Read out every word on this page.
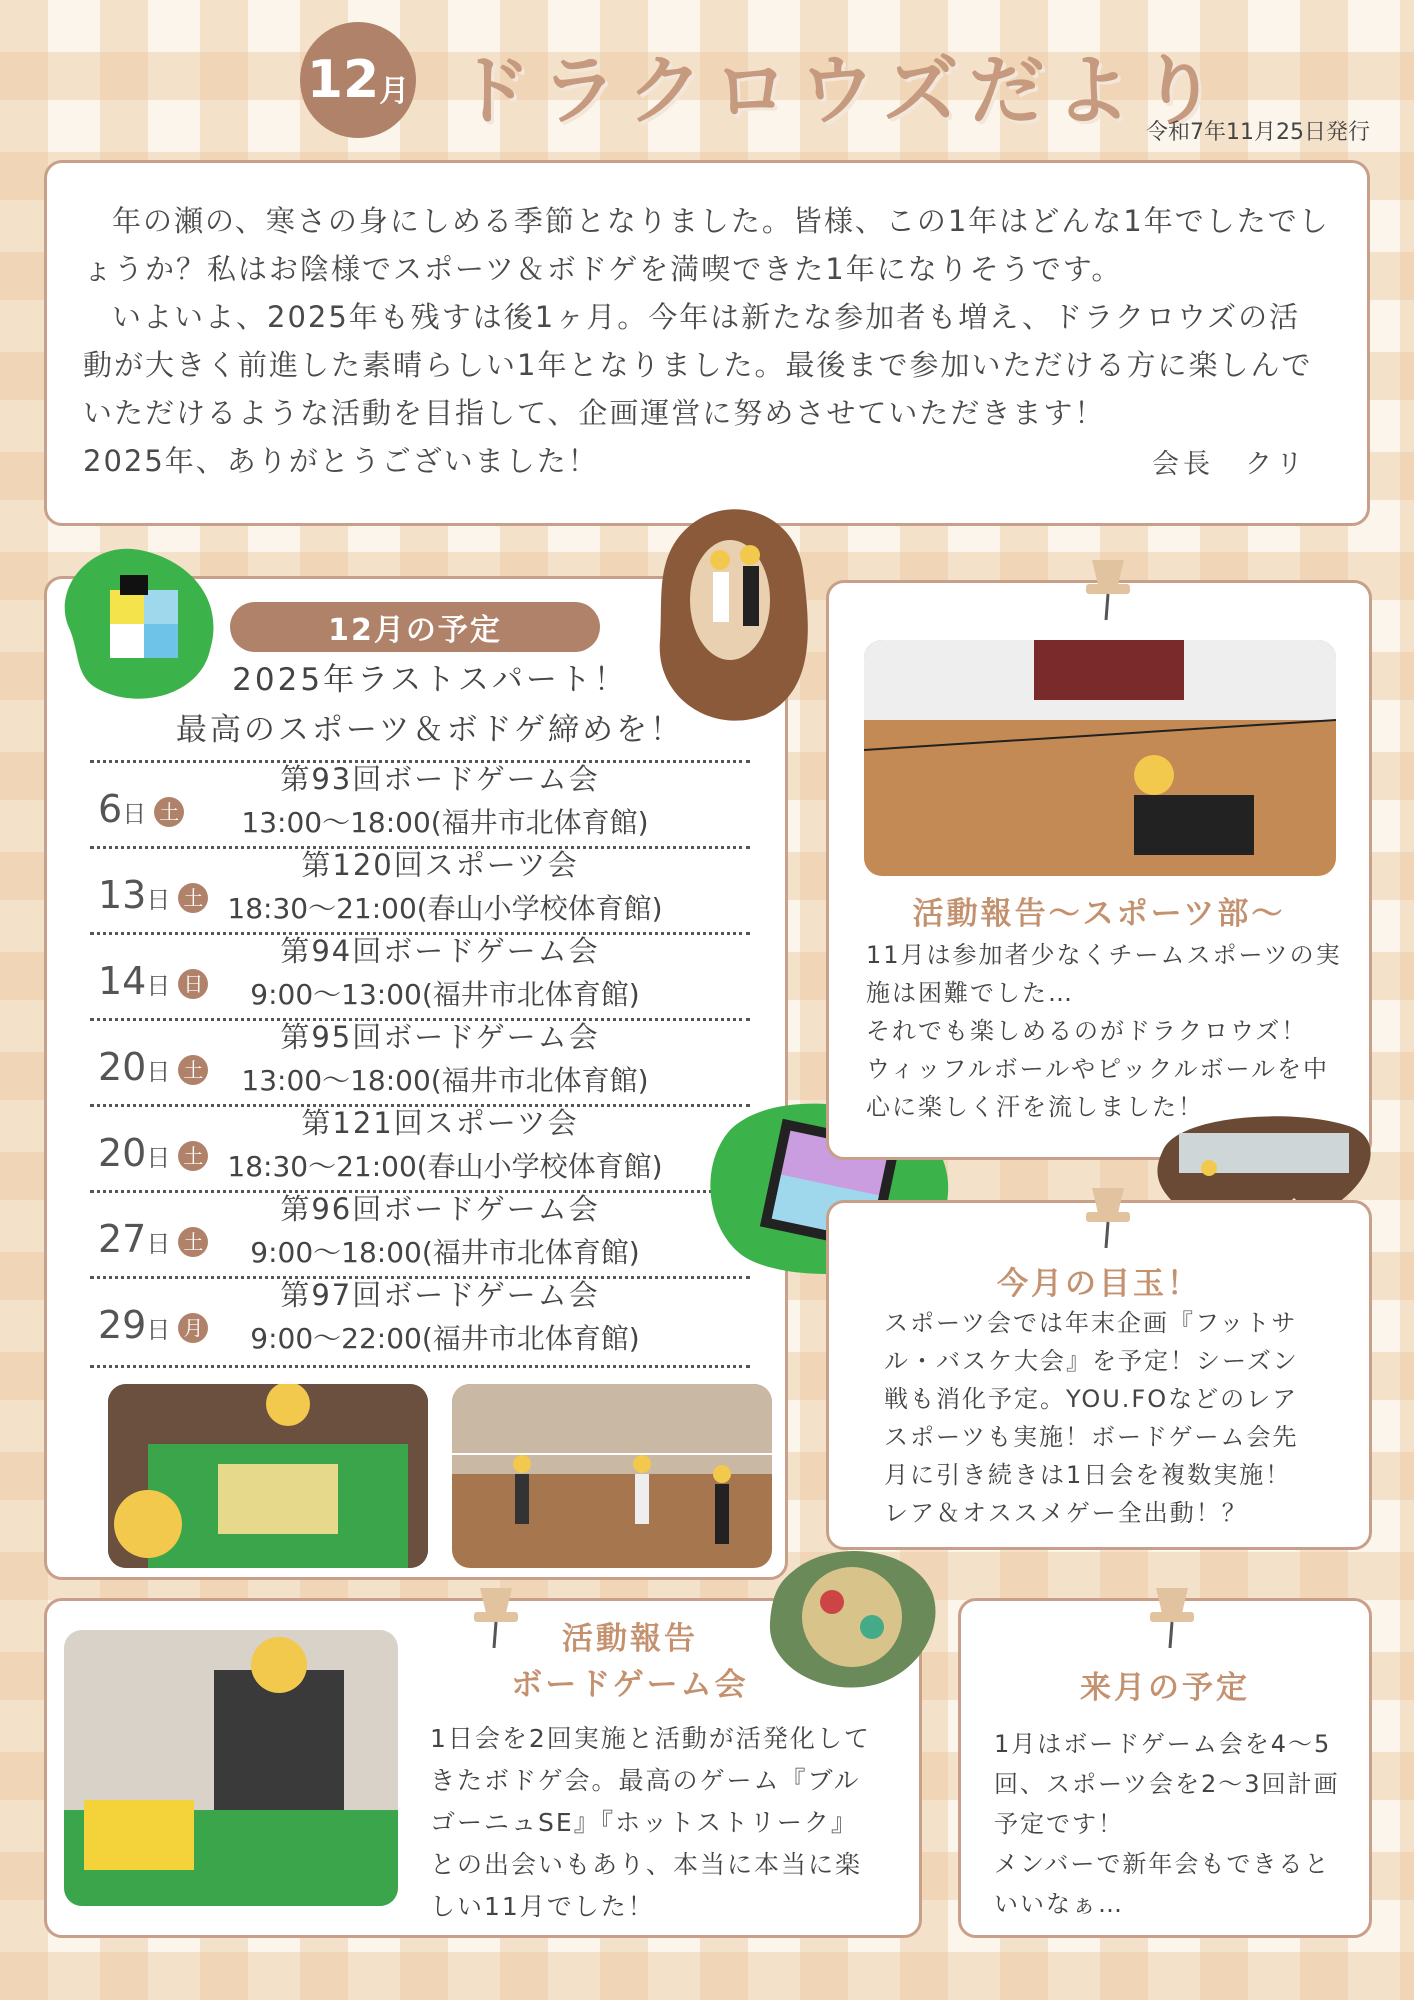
12 月 ドラクロウズだより
令和7年11月25日発行

年の瀬の、寒さの身にしめる季節となりました。皆様、この1年はどんな1年でしたでしょうか？私はお陰様でスポーツ＆ボドゲを満喫できた1年になりそうです。

いよいよ、2025年も残すは後1ヶ月。今年は新たな参加者も増え、ドラクロウズの活動が大きく前進した素晴らしい1年となりました。最後まで参加いただける方に楽しんでいただけるような活動を目指して、企画運営に努めさせていただきます！

2025年、ありがとうございました！	会長　クリ
12月の予定
2025年ラストスパート！
最高のスポーツ＆ボドゲ締めを！
6日 土
第93回ボードゲーム会
13:00〜18:00(福井市北体育館)
13日 土
第120回スポーツ会
18:30〜21:00(春山小学校体育館)
14日 日
第94回ボードゲーム会
9:00〜13:00(福井市北体育館)
20日 土
第95回ボードゲーム会
13:00〜18:00(福井市北体育館)
20日 土
第121回スポーツ会
18:30〜21:00(春山小学校体育館)
27日 土
第96回ボードゲーム会
9:00〜18:00(福井市北体育館)
29日 月
第97回ボードゲーム会
9:00〜22:00(福井市北体育館)
活動報告〜スポーツ部〜
11月は参加者少なくチームスポーツの実
施は困難でした…
それでも楽しめるのがドラクロウズ！
ウィッフルボールやピックルボールを中
心に楽しく汗を流しました！
今月の目玉！
スポーツ会では年末企画『フットサ
ル・バスケ大会』を予定！シーズン
戦も消化予定。YOU.FOなどのレア
スポーツも実施！ボードゲーム会先
月に引き続きは1日会を複数実施！
レア＆オススメゲー全出動！？
活動報告
ボードゲーム会
1日会を2回実施と活動が活発化して
きたボドゲ会。最高のゲーム『ブル
ゴーニュSE』『ホットストリーク』
との出会いもあり、本当に本当に楽
しい11月でした！
来月の予定
1月はボードゲーム会を4〜5
回、スポーツ会を2〜3回計画
予定です！
メンバーで新年会もできると
いいなぁ…
